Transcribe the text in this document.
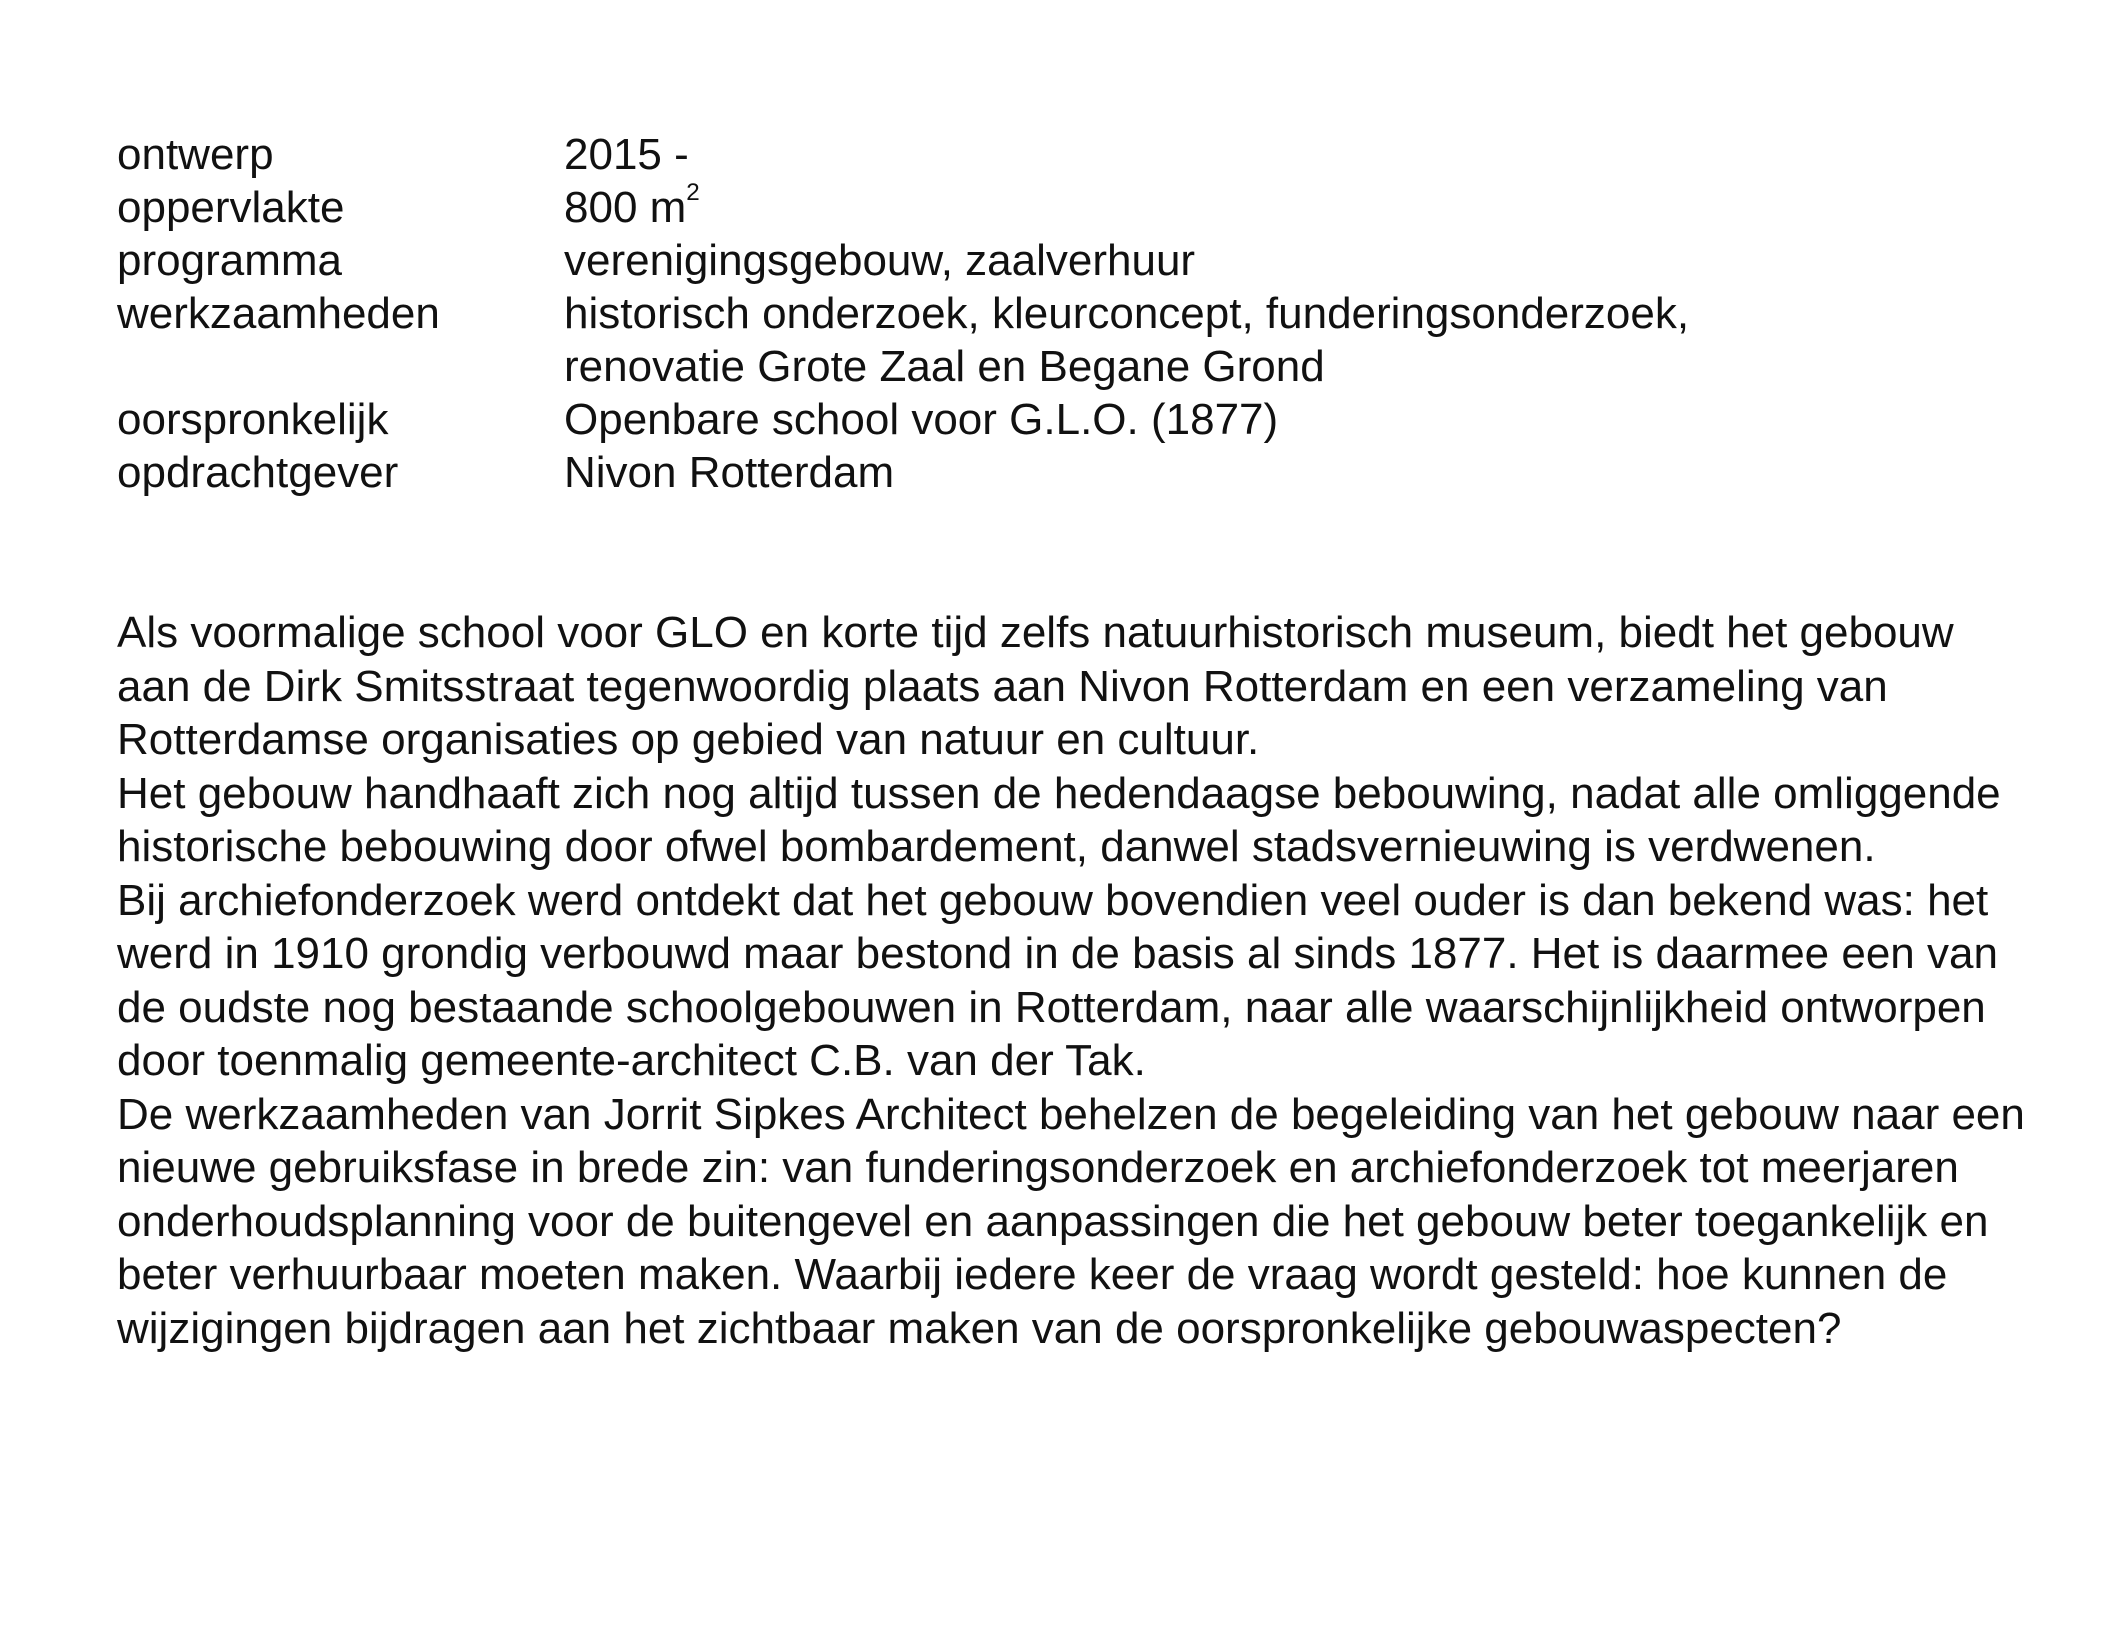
ontwerp	2015 -

oppervlakte	800 $m^2$

programma	verenigingsgebouw, zaalverhuur

werkzaamheden	historisch onderzoek, kleurconcept, funderingsonderzoek,
renovatie Grote Zaal en Begane Grond

oorspronkelijk	Openbare school voor G.L.O. (1877)

opdrachtgever	Nivon Rotterdam

Als voormalige school voor GLO en korte tijd zelfs natuurhistorisch museum, biedt het gebouw aan de Dirk Smitsstraat tegenwoordig plaats aan Nivon Rotterdam en een verzameling van Rotterdamse organisaties op gebied van natuur en cultuur.

Het gebouw handhaaft zich nog altijd tussen de hedendaagse bebouwing, nadat alle omliggende historische bebouwing door ofwel bombardement, danwel stadsvernieuwing is verdwenen.

Bij archiefonderzoek werd ontdekt dat het gebouw bovendien veel ouder is dan bekend was: het werd in 1910 grondig verbouwd maar bestond in de basis al sinds 1877. Het is daarmee een van de oudste nog bestaande schoolgebouwen in Rotterdam, naar alle waarschijnlijkheid ontworpen door toenmalig gemeente-architect C.B. van der Tak.

De werkzaamheden van Jorrit Sipkes Architect behelzen de begeleiding van het gebouw naar een nieuwe gebruiksfase in brede zin: van funderingsonderzoek en archiefonderzoek tot meerjaren onderhoudsplanning voor de buitengevel en aanpassingen die het gebouw beter toegankelijk en beter verhuurbaar moeten maken. Waarbij iedere keer de vraag wordt gesteld: hoe kunnen de wijzigingen bijdragen aan het zichtbaar maken van de oorspronkelijke gebouwaspecten?
